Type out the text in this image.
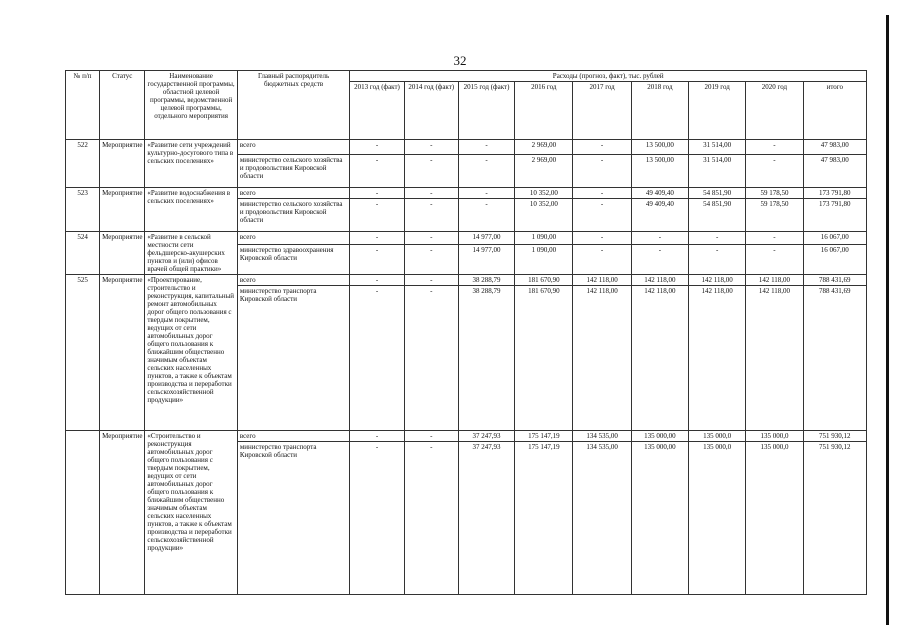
32
№ п/п	Статус	Наименование государственной программы, областной целевой программы, ведомственной целевой программы, отдельного мероприятия	Главный распорядитель бюджетных средств	Расходы (прогноз, факт), тыс. рублей								
				2013 год (факт)	2014 год (факт)	2015 год (факт)	2016 год	2017 год	2018 год	2019 год	2020 год	итого
522	Мероприятие	«Развитие сети учреждений культурно-досугового типа в сельских поселениях»	всего	-	-	-	2 969,00	-	13 500,00	31 514,00	-	47 983,00
			министерство сельского хозяйства и продовольствия Кировской области	-	-	-	2 969,00	-	13 500,00	31 514,00	-	47 983,00
523	Мероприятие	«Развитие водоснабжения в сельских поселениях»	всего	-	-	-	10 352,00	-	49 409,40	54 851,90	59 178,50	173 791,80
			министерство сельского хозяйства и продовольствия Кировской области	-	-	-	10 352,00	-	49 409,40	54 851,90	59 178,50	173 791,80
524	Мероприятие	«Развитие в сельской местности сети фельдшерско-акушерских пунктов и (или) офисов врачей общей практики»	всего	-	-	14 977,00	1 090,00	-	-	-	-	16 067,00
			министерство здравоохранения Кировской области	-	-	14 977,00	1 090,00	-	-	-	-	16 067,00
525	Мероприятие	«Проектирование, строительство и реконструкция, капитальный ремонт автомобильных дорог общего пользования с твердым покрытием, ведущих от сети автомобильных дорог общего пользования к ближайшим общественно значимым объектам сельских населенных пунктов, а также к объектам производства и переработки сельскохозяйственной продукции»	всего	-	-	38 288,79	181 670,90	142 118,00	142 118,00	142 118,00	142 118,00	788 431,69
			министерство транспорта Кировской области	-	-	38 288,79	181 670,90	142 118,00	142 118,00	142 118,00	142 118,00	788 431,69
	Мероприятие	«Строительство и реконструкция автомобильных дорог общего пользования с твердым покрытием, ведущих от сети автомобильных дорог общего пользования к ближайшим общественно значимым объектам сельских населенных пунктов, а также к объектам производства и переработки сельскохозяйственной продукции»	всего	-	-	37 247,93	175 147,19	134 535,00	135 000,00	135 000,0	135 000,0	751 930,12
			министерство транспорта Кировской области	-	-	37 247,93	175 147,19	134 535,00	135 000,00	135 000,0	135 000,0	751 930,12
